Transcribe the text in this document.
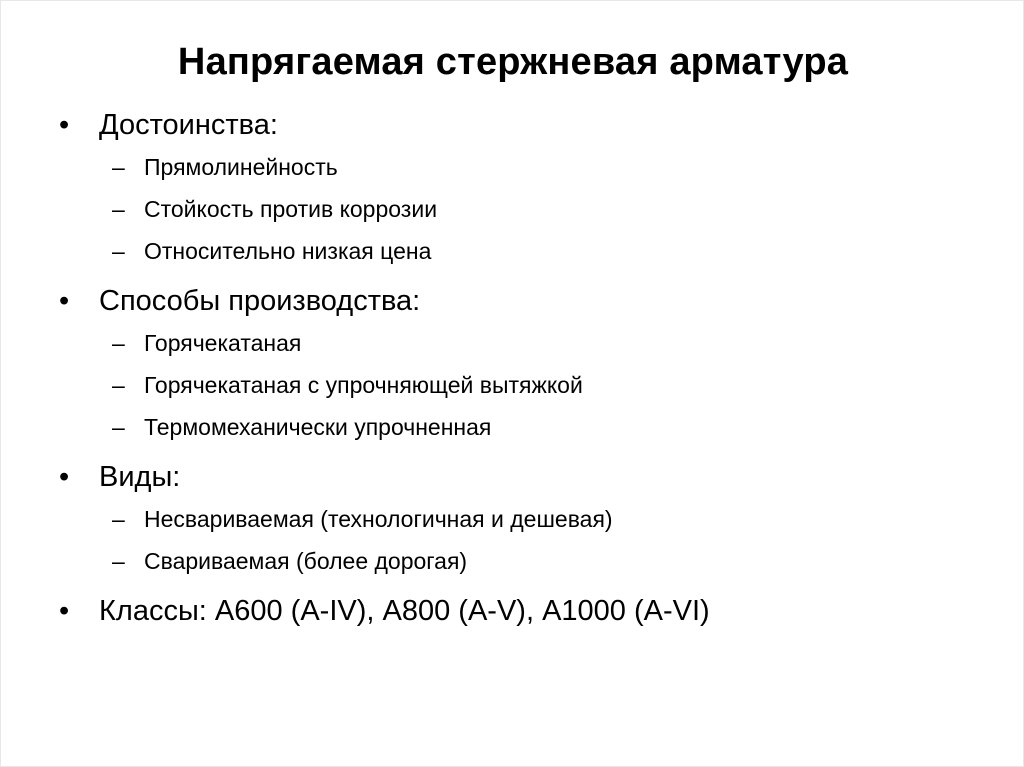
Напрягаемая стержневая арматура
• Достоинства:
– Прямолинейность
– Стойкость против коррозии
– Относительно низкая цена
• Способы производства:
– Горячекатаная
– Горячекатаная с упрочняющей вытяжкой
– Термомеханически упрочненная
• Виды:
– Несвариваемая (технологичная и дешевая)
– Свариваемая (более дорогая)
• Классы: А600 (А-IV), А800 (А-V), А1000 (А-VI)
